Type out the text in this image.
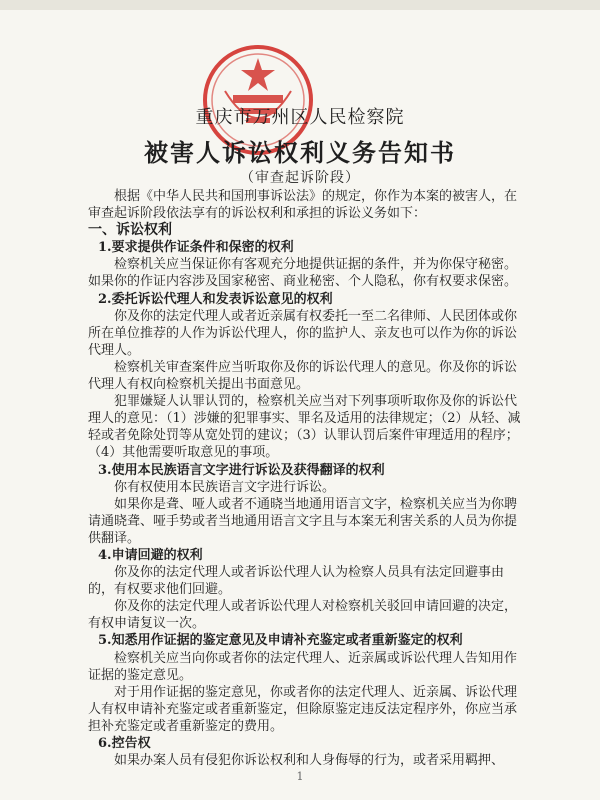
重庆市万州区人民检察院
被害人诉讼权利义务告知书
（审查起诉阶段）

根据《中华人民共和国刑事诉讼法》的规定，你作为本案的被害人，在审查起诉阶段依法享有的诉讼权利和承担的诉讼义务如下：

一、诉讼权利

1.要求提供作证条件和保密的权利

检察机关应当保证你有客观充分地提供证据的条件，并为你保守秘密。如果你的作证内容涉及国家秘密、商业秘密、个人隐私，你有权要求保密。

2.委托诉讼代理人和发表诉讼意见的权利

你及你的法定代理人或者近亲属有权委托一至二名律师、人民团体或你所在单位推荐的人作为诉讼代理人，你的监护人、亲友也可以作为你的诉讼代理人。

检察机关审查案件应当听取你及你的诉讼代理人的意见。你及你的诉讼代理人有权向检察机关提出书面意见。

犯罪嫌疑人认罪认罚的，检察机关应当对下列事项听取你及你的诉讼代理人的意见：（1）涉嫌的犯罪事实、罪名及适用的法律规定；（2）从轻、减轻或者免除处罚等从宽处罚的建议；（3）认罪认罚后案件审理适用的程序；（4）其他需要听取意见的事项。

3.使用本民族语言文字进行诉讼及获得翻译的权利

你有权使用本民族语言文字进行诉讼。

如果你是聋、哑人或者不通晓当地通用语言文字，检察机关应当为你聘请通晓聋、哑手势或者当地通用语言文字且与本案无利害关系的人员为你提供翻译。

4.申请回避的权利

你及你的法定代理人或者诉讼代理人认为检察人员具有法定回避事由的，有权要求他们回避。

你及你的法定代理人或者诉讼代理人对检察机关驳回申请回避的决定，有权申请复议一次。

5.知悉用作证据的鉴定意见及申请补充鉴定或者重新鉴定的权利

检察机关应当向你或者你的法定代理人、近亲属或诉讼代理人告知用作证据的鉴定意见。

对于用作证据的鉴定意见，你或者你的法定代理人、近亲属、诉讼代理人有权申请补充鉴定或者重新鉴定，但除原鉴定违反法定程序外，你应当承担补充鉴定或者重新鉴定的费用。

6.控告权

如果办案人员有侵犯你诉讼权利和人身侮辱的行为，或者采用羁押、

1
